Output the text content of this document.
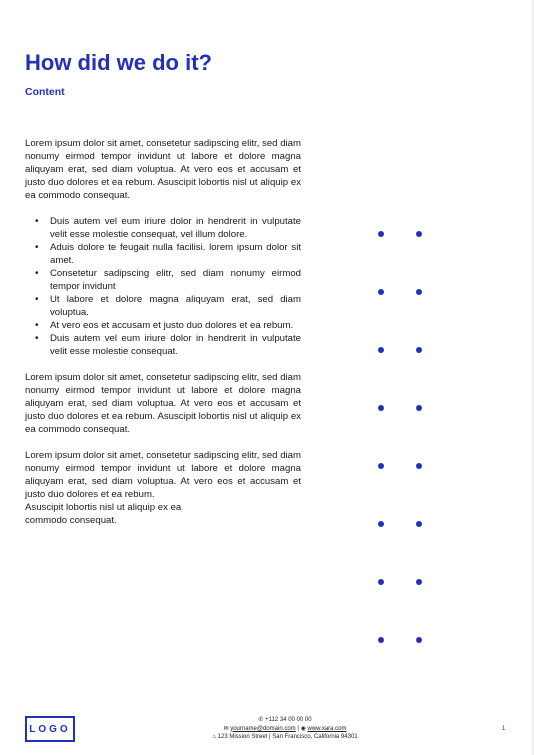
How did we do it?
Content

Lorem ipsum dolor sit amet, consetetur sadipscing elitr, sed diam nonumy eirmod tempor invidunt ut labore et dolore magna aliquyam erat, sed diam voluptua. At vero eos et accusam et justo duo dolores et ea rebum. Asuscipit lobortis nisl ut aliquip ex ea commodo consequat.

• Duis autem vel eum iriure dolor in hendrerit in vulputate velit esse molestie consequat, vel illum dolore.
• Aduis dolore te feugait nulla facilisi. lorem ipsum dolor sit amet.
• Consetetur sadipscing elitr, sed diam nonumy eirmod tempor invidunt
• Ut labore et dolore magna aliquyam erat, sed diam voluptua.
• At vero eos et accusam et justo duo dolores et ea rebum.
• Duis autem vel eum iriure dolor in hendrerit in vulputate velit esse molestie consequat.

Lorem ipsum dolor sit amet, consetetur sadipscing elitr, sed diam nonumy eirmod tempor invidunt ut labore et dolore magna aliquyam erat, sed diam voluptua. At vero eos et accusam et justo duo dolores et ea rebum. Asuscipit lobortis nisl ut aliquip ex ea commodo consequat.

Lorem ipsum dolor sit amet, consetetur sadipscing elitr, sed diam nonumy eirmod tempor invidunt ut labore et dolore magna aliquyam erat, sed diam voluptua. At vero eos et accusam et justo duo dolores et ea rebum.
Asuscipit lobortis nisl ut aliquip ex ea
commodo consequat.

LOGO
✆ +112 34 00 00 00
✉ yourname@domain.com | ◉ www.xara.com
⌂ 123 Mission Street | San Francisco, California 94301
1
